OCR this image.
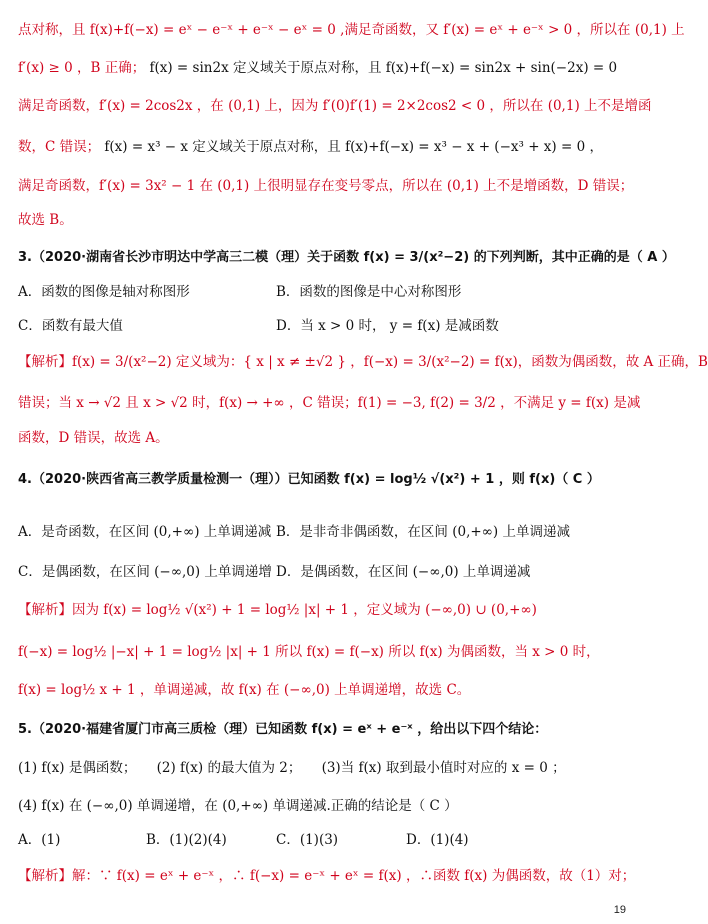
点对称，且 f(x)+f(−x) = eˣ − e⁻ˣ + e⁻ˣ − eˣ = 0 ,满足奇函数，又 f′(x) = eˣ + e⁻ˣ > 0 ，所以在 (0,1) 上
f′(x) ≥ 0 ，B 正确； f(x) = sin2x 定义域关于原点对称，且 f(x)+f(−x) = sin2x + sin(−2x) = 0
满足奇函数，f′(x) = 2cos2x ，在 (0,1) 上，因为 f′(0)f′(1) = 2×2cos2 < 0 ，所以在 (0,1) 上不是增函
数，C 错误； f(x) = x³ − x 定义域关于原点对称，且 f(x)+f(−x) = x³ − x + (−x³ + x) = 0 ，
满足奇函数，f′(x) = 3x² − 1 在 (0,1) 上很明显存在变号零点，所以在 (0,1) 上不是增函数，D 错误；
故选 B。
3.（2020·湖南省长沙市明达中学高三二模（理）关于函数 f(x) = 3/(x²−2) 的下列判断，其中正确的是（ A ）
A．函数的图像是轴对称图形	B．函数的图像是中心对称图形
C．函数有最大值	D．当 x > 0 时， y = f(x) 是减函数
【解析】f(x) = 3/(x²−2) 定义域为：{ x | x ≠ ±√2 } ，f(−x) = 3/(x²−2) = f(x)，函数为偶函数，故 A 正确，B
错误；当 x → √2 且 x > √2 时，f(x) → +∞ ，C 错误；f(1) = −3, f(2) = 3/2 ，不满足 y = f(x) 是减
函数，D 错误，故选 A。
4.（2020·陕西省高三教学质量检测一（理））已知函数 f(x) = log½ √(x²) + 1 ，则 f(x)（ C ）
A．是奇函数，在区间 (0,+∞) 上单调递减 B．是非奇非偶函数，在区间 (0,+∞) 上单调递减
C．是偶函数，在区间 (−∞,0) 上单调递增 D．是偶函数，在区间 (−∞,0) 上单调递减
【解析】因为 f(x) = log½ √(x²) + 1 = log½ |x| + 1 ，定义域为 (−∞,0) ∪ (0,+∞)
f(−x) = log½ |−x| + 1 = log½ |x| + 1 所以 f(x) = f(−x) 所以 f(x) 为偶函数，当 x > 0 时，
f(x) = log½ x + 1 ，单调递减，故 f(x) 在 (−∞,0) 上单调递增，故选 C。
5.（2020·福建省厦门市高三质检（理）已知函数 f(x) = eˣ + e⁻ˣ ，给出以下四个结论：
(1) f(x) 是偶函数；　　(2) f(x) 的最大值为 2；　　(3)当 f(x) 取到最小值时对应的 x = 0 ；
(4) f(x) 在 (−∞,0) 单调递增，在 (0,+∞) 单调递减.正确的结论是（ C ）
A．(1)	B．(1)(2)(4)	C．(1)(3)	D．(1)(4)
【解析】解：∵ f(x) = eˣ + e⁻ˣ ，∴ f(−x) = e⁻ˣ + eˣ = f(x) ，∴函数 f(x) 为偶函数，故（1）对；
19
